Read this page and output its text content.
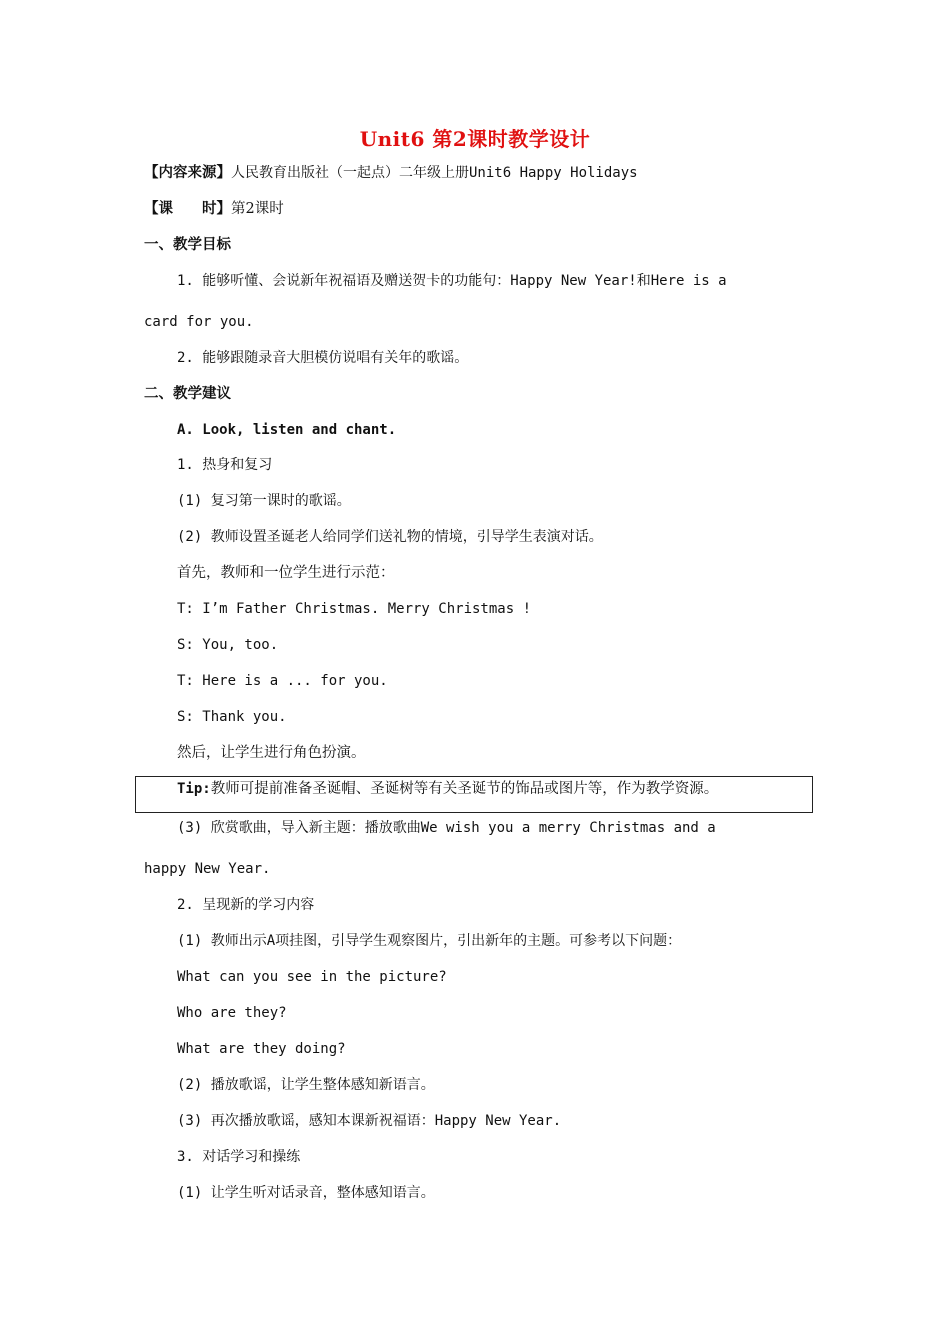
Unit6 第2课时教学设计
【内容来源】人民教育出版社（一起点）二年级上册Unit6 Happy Holidays
【课　　时】第2课时
一、教学目标
1. 能够听懂、会说新年祝福语及赠送贺卡的功能句：Happy New Year!和Here is a
card for you.
2. 能够跟随录音大胆模仿说唱有关年的歌谣。
二、教学建议
A. Look, listen and chant.
1. 热身和复习
(1) 复习第一课时的歌谣。
(2) 教师设置圣诞老人给同学们送礼物的情境，引导学生表演对话。
首先，教师和一位学生进行示范：
T: I’m Father Christmas. Merry Christmas !
S: You, too.
T: Here is a ... for you.
S: Thank you.
然后，让学生进行角色扮演。
Tip:教师可提前准备圣诞帽、圣诞树等有关圣诞节的饰品或图片等，作为教学资源。
(3) 欣赏歌曲，导入新主题：播放歌曲We wish you a merry Christmas and a
happy New Year.
2. 呈现新的学习内容
(1) 教师出示A项挂图，引导学生观察图片，引出新年的主题。可参考以下问题：
What can you see in the picture?
Who are they?
What are they doing?
(2) 播放歌谣，让学生整体感知新语言。
(3) 再次播放歌谣，感知本课新祝福语：Happy New Year.
3. 对话学习和操练
(1) 让学生听对话录音，整体感知语言。
